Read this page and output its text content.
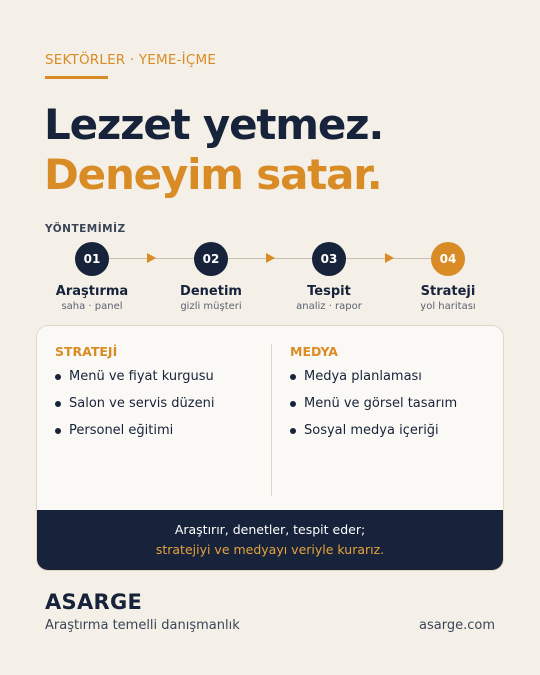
SEKTÖRLER · YEME-İÇME
Lezzet yetmez.
Deneyim satar.
YÖNTEMİMİZ
01
Araştırma
saha · panel
02
Denetim
gizli müşteri
03
Tespit
analiz · rapor
04
Strateji
yol haritası
STRATEJİ
Menü ve fiyat kurgusu
Salon ve servis düzeni
Personel eğitimi
MEDYA
Medya planlaması
Menü ve görsel tasarım
Sosyal medya içeriği
Araştırır, denetler, tespit eder;
stratejiyi ve medyayı veriyle kurarız.
ASARGE
Araştırma temelli danışmanlık	asarge.com
